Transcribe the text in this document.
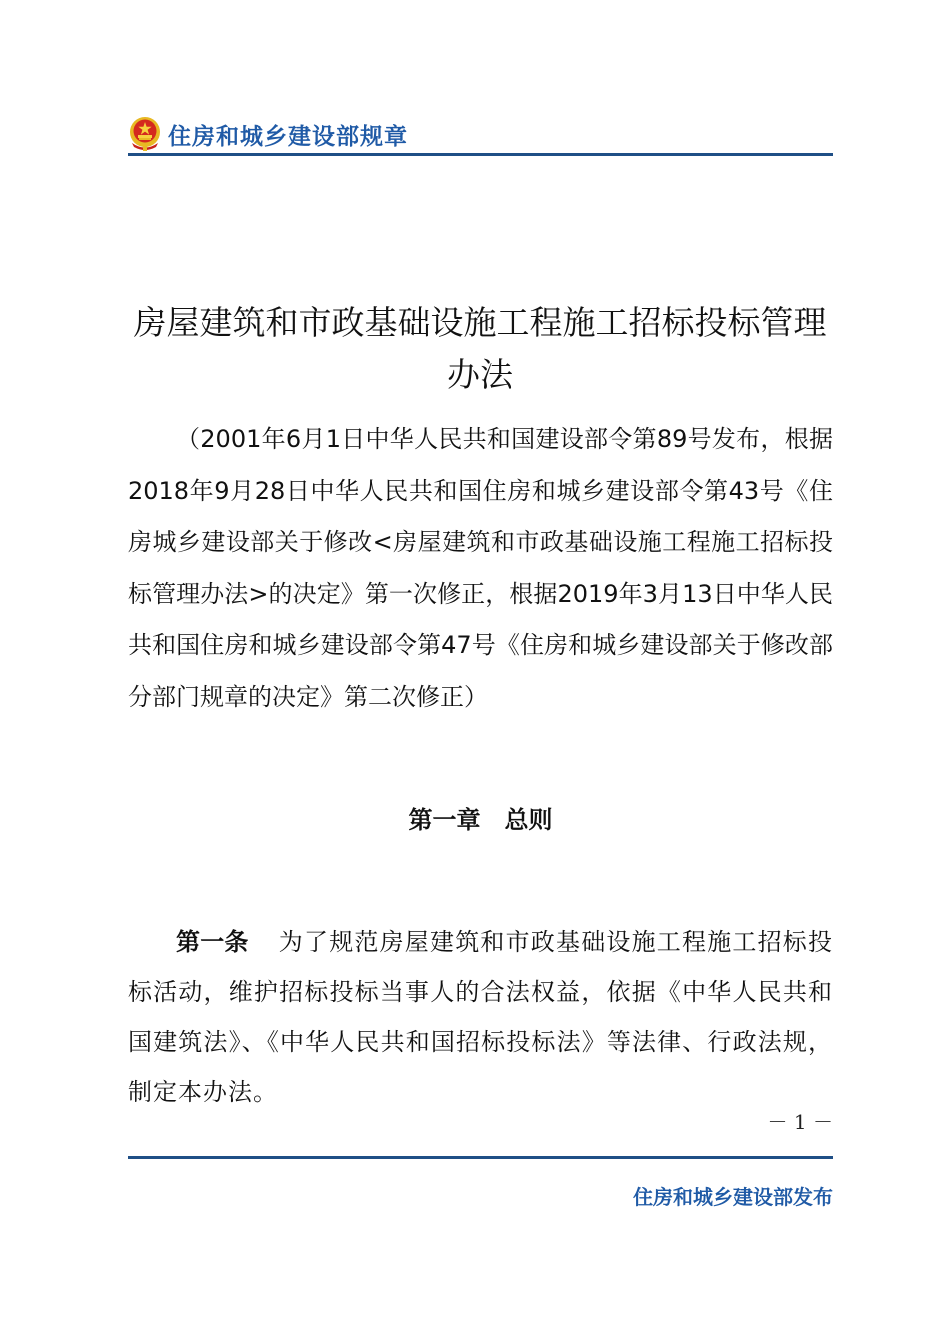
住房和城乡建设部规章
房屋建筑和市政基础设施工程施工招标投标管理办法

（2001年6月1日中华人民共和国建设部令第89号发布，根据2018年9月28日中华人民共和国住房和城乡建设部令第43号《住房城乡建设部关于修改<房屋建筑和市政基础设施工程施工招标投标管理办法>的决定》第一次修正，根据2019年3月13日中华人民共和国住房和城乡建设部令第47号《住房和城乡建设部关于修改部分部门规章的决定》第二次修正）

第一章　总则

第一条 为了规范房屋建筑和市政基础设施工程施工招标投标活动，维护招标投标当事人的合法权益，依据《中华人民共和国建筑法》、《中华人民共和国招标投标法》等法律、行政法规，制定本办法。

－ 1 －
住房和城乡建设部发布
